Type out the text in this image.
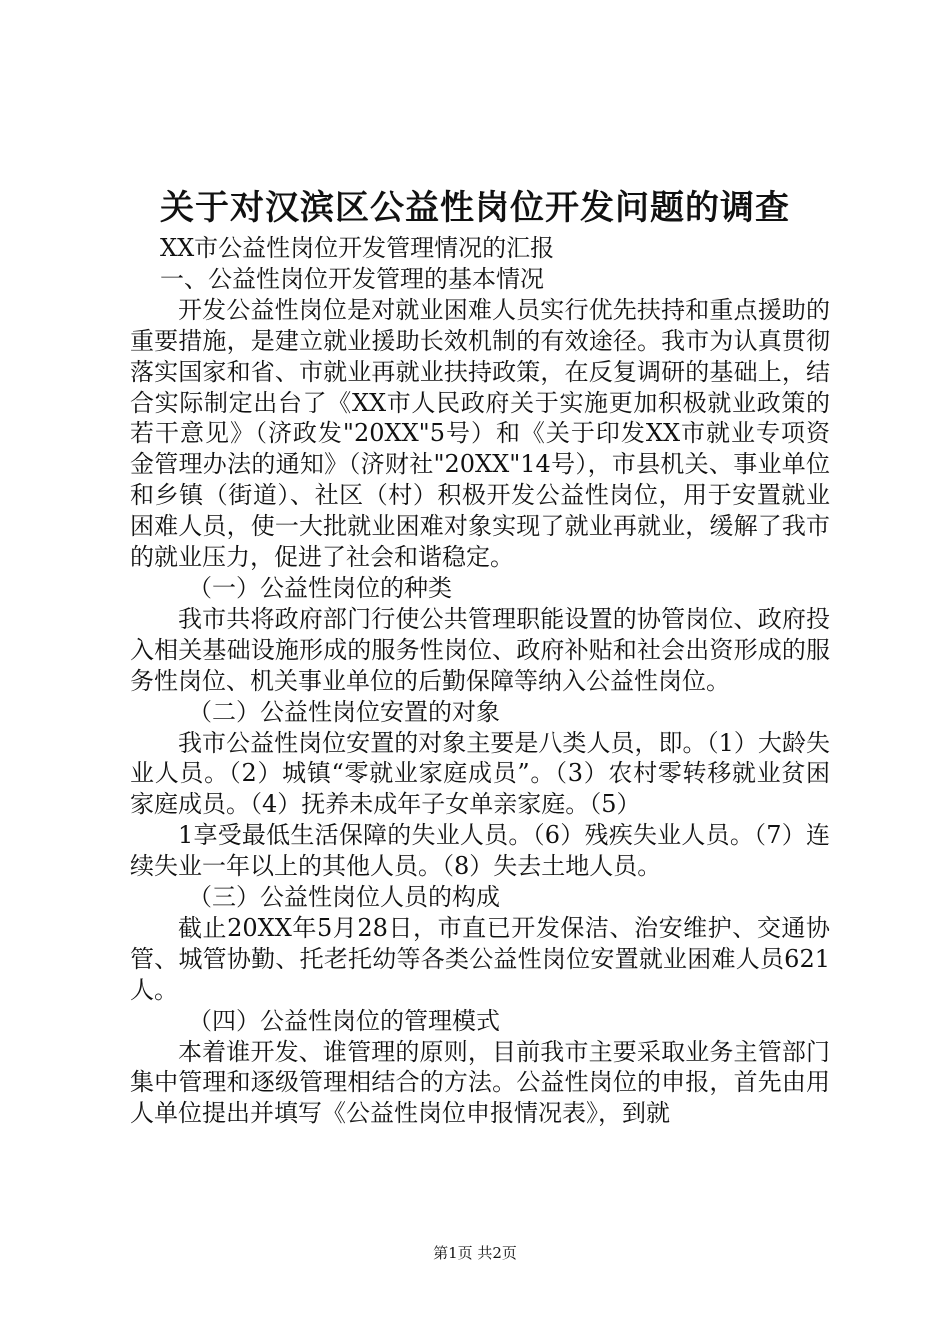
关于对汉滨区公益性岗位开发问题的调查

XX市公益性岗位开发管理情况的汇报

一、公益性岗位开发管理的基本情况

开发公益性岗位是对就业困难人员实行优先扶持和重点援助的重要措施，是建立就业援助长效机制的有效途径。我市为认真贯彻落实国家和省、市就业再就业扶持政策，在反复调研的基础上，结合实际制定出台了《XX市人民政府关于实施更加积极就业政策的若干意见》（济政发"20XX"5号）和《关于印发XX市就业专项资金管理办法的通知》（济财社"20XX"14号），市县机关、事业单位和乡镇（街道）、社区（村）积极开发公益性岗位，用于安置就业困难人员，使一大批就业困难对象实现了就业再就业，缓解了我市的就业压力，促进了社会和谐稳定。

（一）公益性岗位的种类

我市共将政府部门行使公共管理职能设置的协管岗位、政府投入相关基础设施形成的服务性岗位、政府补贴和社会出资形成的服务性岗位、机关事业单位的后勤保障等纳入公益性岗位。

（二）公益性岗位安置的对象

我市公益性岗位安置的对象主要是八类人员，即。（1）大龄失业人员。（2）城镇“零就业家庭成员”。（3）农村零转移就业贫困家庭成员。（4）抚养未成年子女单亲家庭。（5）

1享受最低生活保障的失业人员。（6）残疾失业人员。（7）连续失业一年以上的其他人员。（8）失去土地人员。

（三）公益性岗位人员的构成

截止20XX年5月28日，市直已开发保洁、治安维护、交通协管、城管协勤、托老托幼等各类公益性岗位安置就业困难人员621人。

（四）公益性岗位的管理模式

本着谁开发、谁管理的原则，目前我市主要采取业务主管部门集中管理和逐级管理相结合的方法。公益性岗位的申报，首先由用人单位提出并填写《公益性岗位申报情况表》，到就

第1页 共2页
